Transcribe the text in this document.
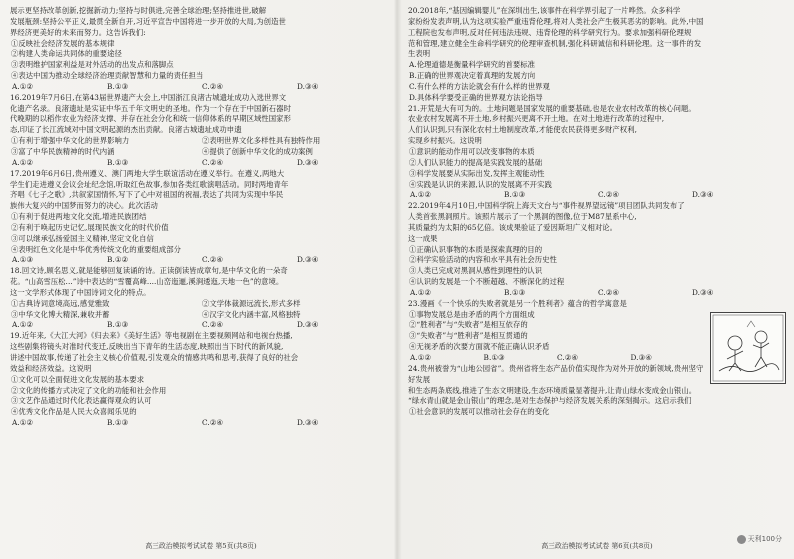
展示更坚持改革创新,挖掘新动力;坚持与时俱进,完善全球治理;坚持推进世,破解

发展瓶颈:坚持公平正义,最贯全新自开,习近平宣告中国将进一步开放的大局,为创造世

界经济更美好的未来而努力。这告诉我们:

①反映社会经济发展的基本规律
②构建人类命运共同体的重要途径
③表明维护国家利益是对外活动的出发点和落脚点
④表达中国为推动全球经济治理贡献智慧和力量的责任担当
A.①②	B.①③	C.②④	D.③④

16.2019年7月6日,在第43届世界遗产大会上,中国浙江良渚古城遗址成功入选世界文

化遗产名录。良渚遗址是实证中华五千年文明史的圣地。作为一个存在于中国新石器时

代晚期的以稻作农业为经济支撑、并存在社会分化和统一信仰体系的早期区域性国家形

态,印证了长江流域对中国文明起源的杰出贡献。良渚古城遗址成功申遗

①有利于增强中华文化的世界影响力	②表明世界文化多样性具有独特作用
③富了中华民族精神的时代内涵	④提供了创新中华文化的成功案例
A.①②	B.①③	C.②④	D.③④

17.2019年6月6日,贵州遵义、澳门两地大学生联谊活动在遵义举行。在遵义,两地大

学生们走进遵义会议会址纪念馆,听取红色故事,参加各类红歌演唱活动。同时两地青年

齐唱《七子之歌》,共叙家国情怀,写下了心中对祖国的祝福,表达了共同为实现中华民

族伟大复兴的中国梦而努力的决心。此次活动

①有利于促进两地文化交流,增进民族团结
②有利于唤起历史记忆,展现民族文化的时代价值
③可以继承弘扬爱国主义精神,坚定文化自信
④表明红色文化是中华优秀传统文化的重要组成部分
A.①③	B.①②	C.②④	D.③④

18.回文诗,顾名思义,就是能够回复读诵的诗。正读倒读皆成章句,是中华文化的一朵奇

花。“山高雪压松...”诗中表达的“雪覆高峰....山峦迤逦,溪涧逶迤,天地一色”的意境。

这一文学形式体现了中国诗词文化的特点。

①古典诗词意境高远,感觉雅致	②文学体裁源远流长,形式多样
③中华文化博大精深,兼收并蓄	④汉字文化内涵丰富,风格独特
A.①②	B.①③	C.②④	D.③④

19.近年来,《大江大河》《归去来》《美好生活》等电视剧在主要视频网站和电视台热播,

这些剧集将镜头对准时代变迁,反映出当下青年的生活态度,映照出当下时代的新风貌,

讲述中国故事,传递了社会主义核心价值观,引发观众的情感共鸣和思考,获得了良好的社会

效益和经济效益。这说明

①文化可以全面促进文化发展的基本要求
②文化的传播方式决定了文化的功能和社会作用
③文艺作品通过时代化表达赢得观众的认可
④优秀文化作品是人民大众喜闻乐见的
A.①②	B.①③	C.②④	D.③④
高三政治模拟考试试卷 第5页(共8页)

20.2018年,“基因编辑婴儿”在深圳出生,该事件在科学界引起了一片哗然。众多科学

家纷纷发表声明,认为这项实验严重违背伦理,将对人类社会产生极其恶劣的影响。此外,中国

工程院也发布声明,反对任何违法违规、违背伦理的科学研究行为。要求加强科研伦理规

范和管理,建立健全生命科学研究的伦理审查机制,强化科研诚信和科研伦理。这一事件的发

生表明

A.伦理道德是衡量科学研究的首要标准
B.正确的世界观决定着真理的发展方向
C.有什么样的方法论就会有什么样的世界观
D.具体科学要受正确的世界观方法论指导

21.开荒是大有可为的。土地问题是国家发展的重要基础,也是农业农村改革的核心问题。

农业农村发展离不开土地,乡村振兴更离不开土地。在对土地进行改革的过程中,

人们认识到,只有深化农村土地制度改革,才能使农民获得更多财产权利,

实现乡村振兴。这说明

①意识的能动作用可以改变事物的本质
②人们认识能力的提高是实践发展的基础
③科学发展要从实际出发,发挥主观能动性
④实践是认识的来源,认识的发展离不开实践
A.①②	B.①③	C.②④	D.③④

22.2019年4月10日,中国科学院上海天文台与“事件视界望远镜”项目团队共同发布了

人类首张黑洞照片。该照片展示了一个黑洞的图像,位于M87星系中心,

其质量约为太阳的65亿倍。该成果验证了爱因斯坦广义相对论。

这一成果

①正确认识事物的本质是探索真理的目的
②科学实验活动的内容和水平具有社会历史性
③人类已完成对黑洞从感性到理性的认识
④认识的发展是一个不断超越、不断深化的过程
A.①②	B.①③	C.②④	D.③④

23.漫画《一个快乐的失败者就是另一个胜利者》蕴含的哲学寓意是

①事物发展总是由矛盾的两个方面组成
②“胜利者”与“失败者”是相互依存的
③“失败者”与“胜利者”是相互贯通的
④无视矛盾的次要方面就不能正确认识矛盾
A.①②	B.①③	C.②④	D.③④

24.贵州被誉为“山地公园省”。贵州省将生态产品价值实现作为对外开放的新领域,贵州坚守好发展

和生态两条底线,推进了生态文明建设,生态环境质量显著提升,让青山绿水变成金山银山。

“绿水青山就是金山银山”的理念,是对生态保护与经济发展关系的深刻揭示。这启示我们

①社会意识的发展可以推动社会存在的变化
天利100分
高三政治模拟考试试卷 第6页(共8页)
